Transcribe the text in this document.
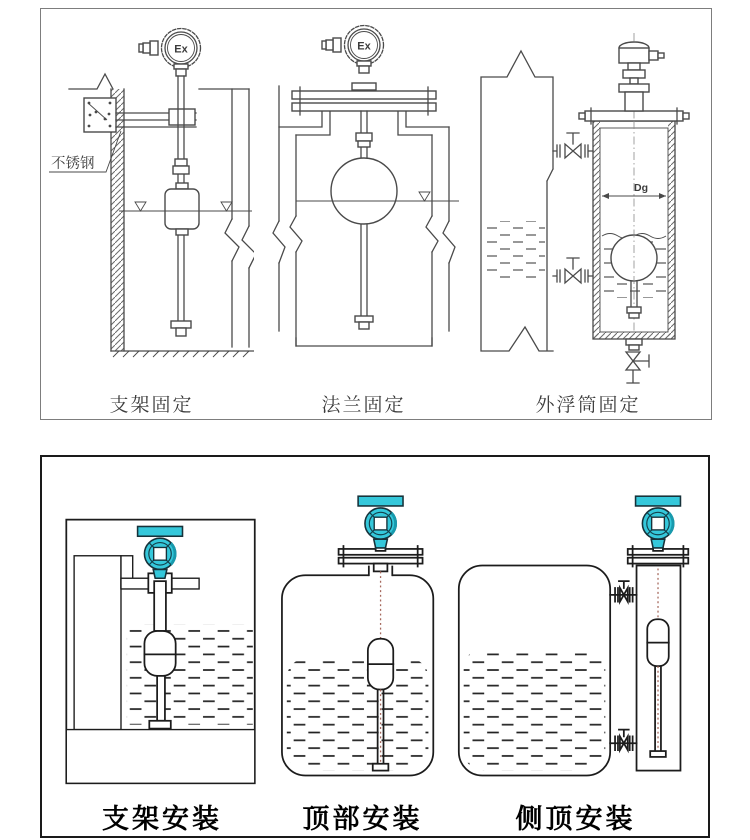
不锈钢
Ex
支架固定
Ex
法兰固定
Dg
外浮筒固定
支架安装	顶部安装	侧顶安装
